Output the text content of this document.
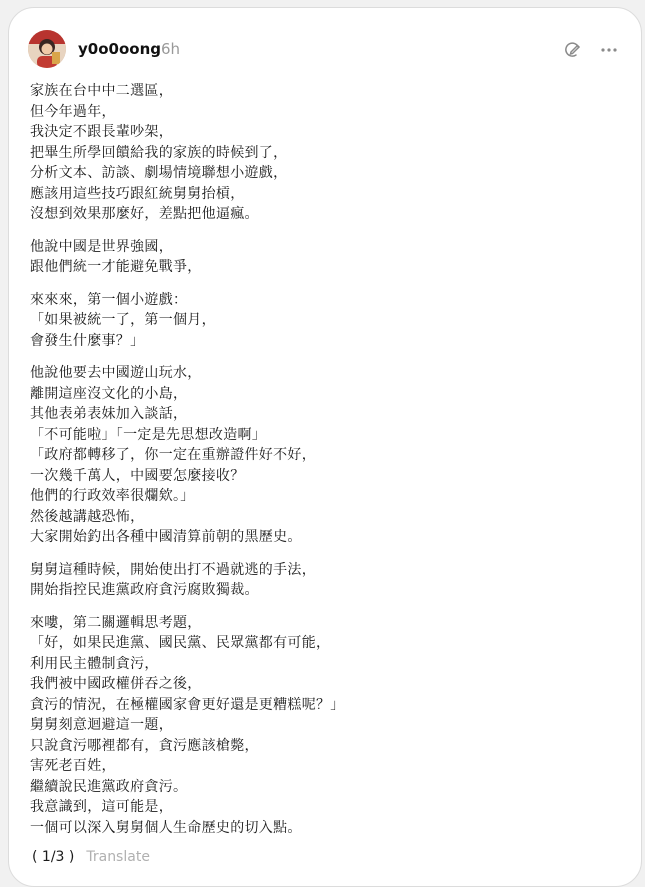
y0o0oong 6h
家族在台中中二選區，
但今年過年，
我決定不跟長輩吵架，
把畢生所學回饋給我的家族的時候到了，
分析文本、訪談、劇場情境聯想小遊戲，
應該用這些技巧跟紅統舅舅抬槓，
沒想到效果那麼好，差點把他逼瘋。
他說中國是世界強國，
跟他們統一才能避免戰爭，
來來來，第一個小遊戲：
「如果被統一了，第一個月，
會發生什麼事？」
他說他要去中國遊山玩水，
離開這座沒文化的小島，
其他表弟表妹加入談話，
「不可能啦」「一定是先思想改造啊」
「政府都轉移了，你一定在重辦證件好不好，
一次幾千萬人，中國要怎麼接收？
他們的行政效率很爛欸。」
然後越講越恐怖，
大家開始釣出各種中國清算前朝的黑歷史。
舅舅這種時候，開始使出打不過就逃的手法，
開始指控民進黨政府貪污腐敗獨裁。
來嘍，第二關邏輯思考題，
「好，如果民進黨、國民黨、民眾黨都有可能，
利用民主體制貪污，
我們被中國政權併吞之後，
貪污的情況，在極權國家會更好還是更糟糕呢？」
舅舅刻意迴避這一題，
只說貪污哪裡都有，貪污應該槍斃，
害死老百姓，
繼續說民進黨政府貪污。
我意識到，這可能是，
一個可以深入舅舅個人生命歷史的切入點。
( 1/3 ) Translate
